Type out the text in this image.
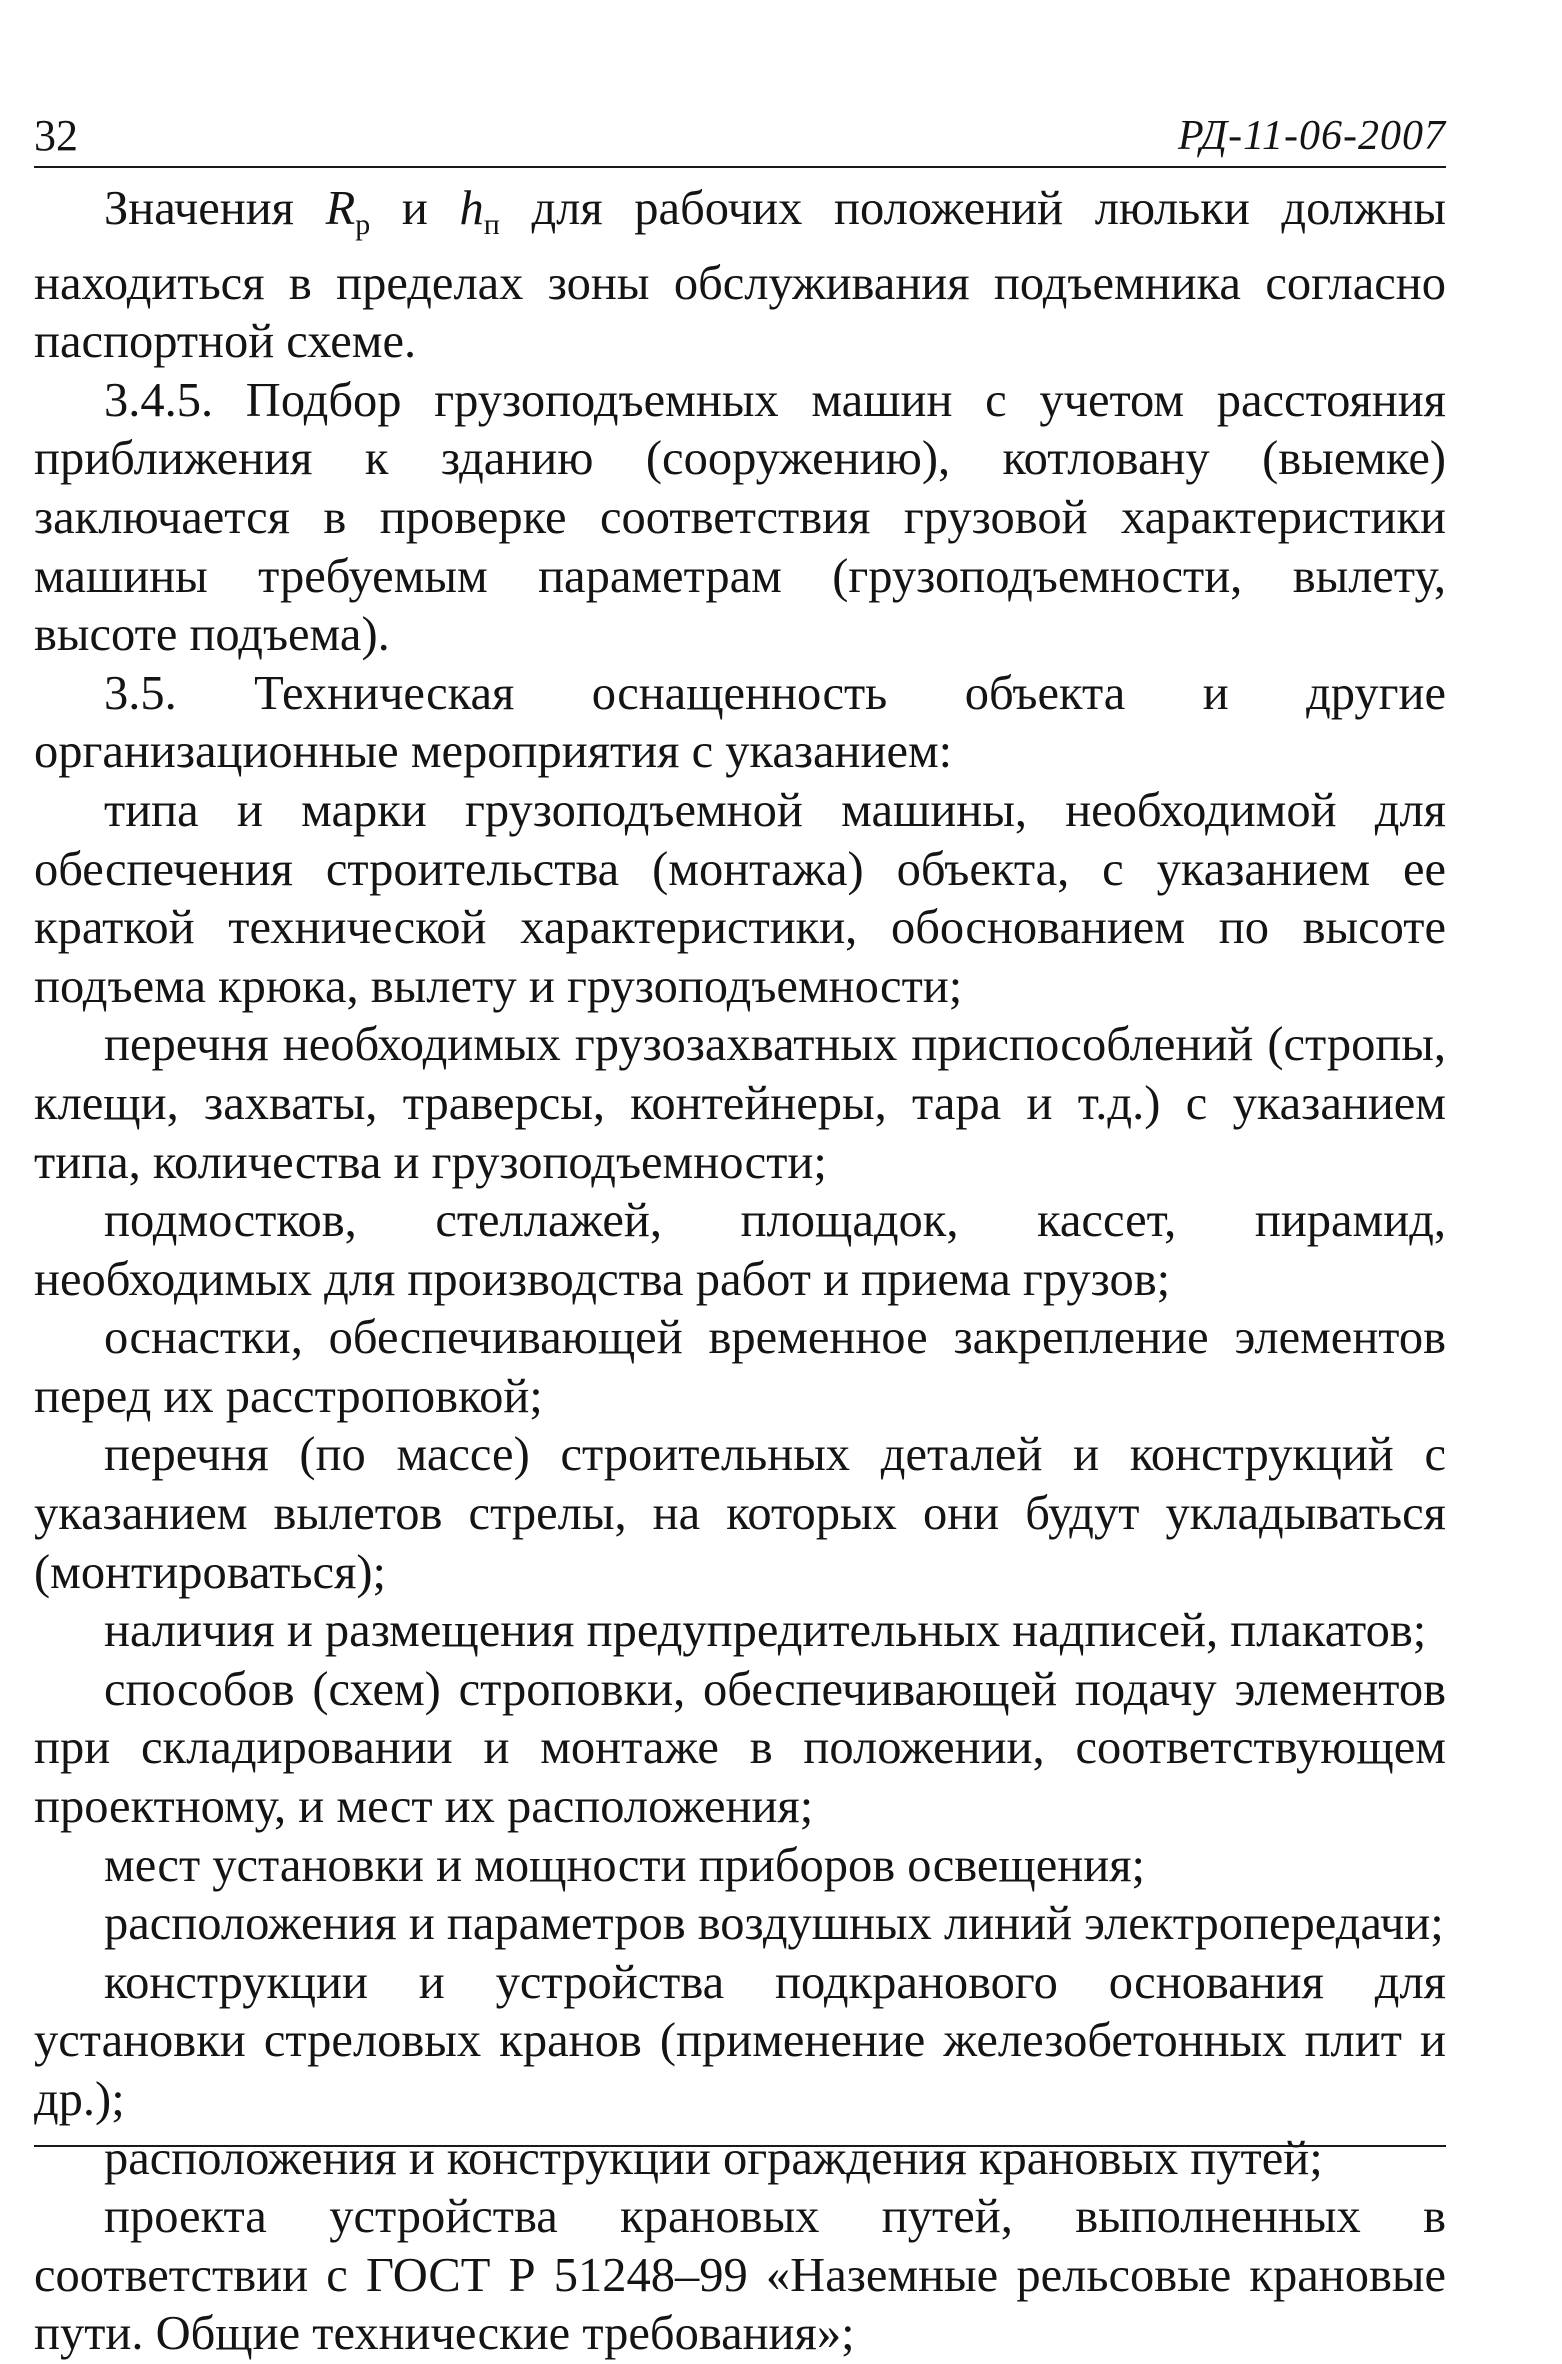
32	РД-11-06-2007

Значения $R_р$ и $h_п$ для рабочих положений люльки должны находиться в пределах зоны обслуживания подъемника согласно паспортной схеме.

3.4.5. Подбор грузоподъемных машин с учетом расстояния приближения к зданию (сооружению), котловану (выемке) заключается в проверке соответствия грузовой характеристики машины требуемым параметрам (грузоподъемности, вылету, высоте подъема).

3.5. Техническая оснащенность объекта и другие организационные мероприятия с указанием:

типа и марки грузоподъемной машины, необходимой для обеспечения строительства (монтажа) объекта, с указанием ее краткой технической характеристики, обоснованием по высоте подъема крюка, вылету и грузоподъемности;

перечня необходимых грузозахватных приспособлений (стропы, клещи, захваты, траверсы, контейнеры, тара и т.д.) с указанием типа, количества и грузоподъемности;

подмостков, стеллажей, площадок, кассет, пирамид, необходимых для производства работ и приема грузов;

оснастки, обеспечивающей временное закрепление элементов перед их расстроповкой;

перечня (по массе) строительных деталей и конструкций с указанием вылетов стрелы, на которых они будут укладываться (монтироваться);

наличия и размещения предупредительных надписей, плакатов;

способов (схем) строповки, обеспечивающей подачу элементов при складировании и монтаже в положении, соответствующем проектному, и мест их расположения;

мест установки и мощности приборов освещения;

расположения и параметров воздушных линий электропередачи;

конструкции и устройства подкранового основания для установки стреловых кранов (применение железобетонных плит и др.);

расположения и конструкции ограждения крановых путей;

проекта устройства крановых путей, выполненных в соответствии с ГОСТ Р 51248–99 «Наземные рельсовые крановые пути. Общие технические требования»;
